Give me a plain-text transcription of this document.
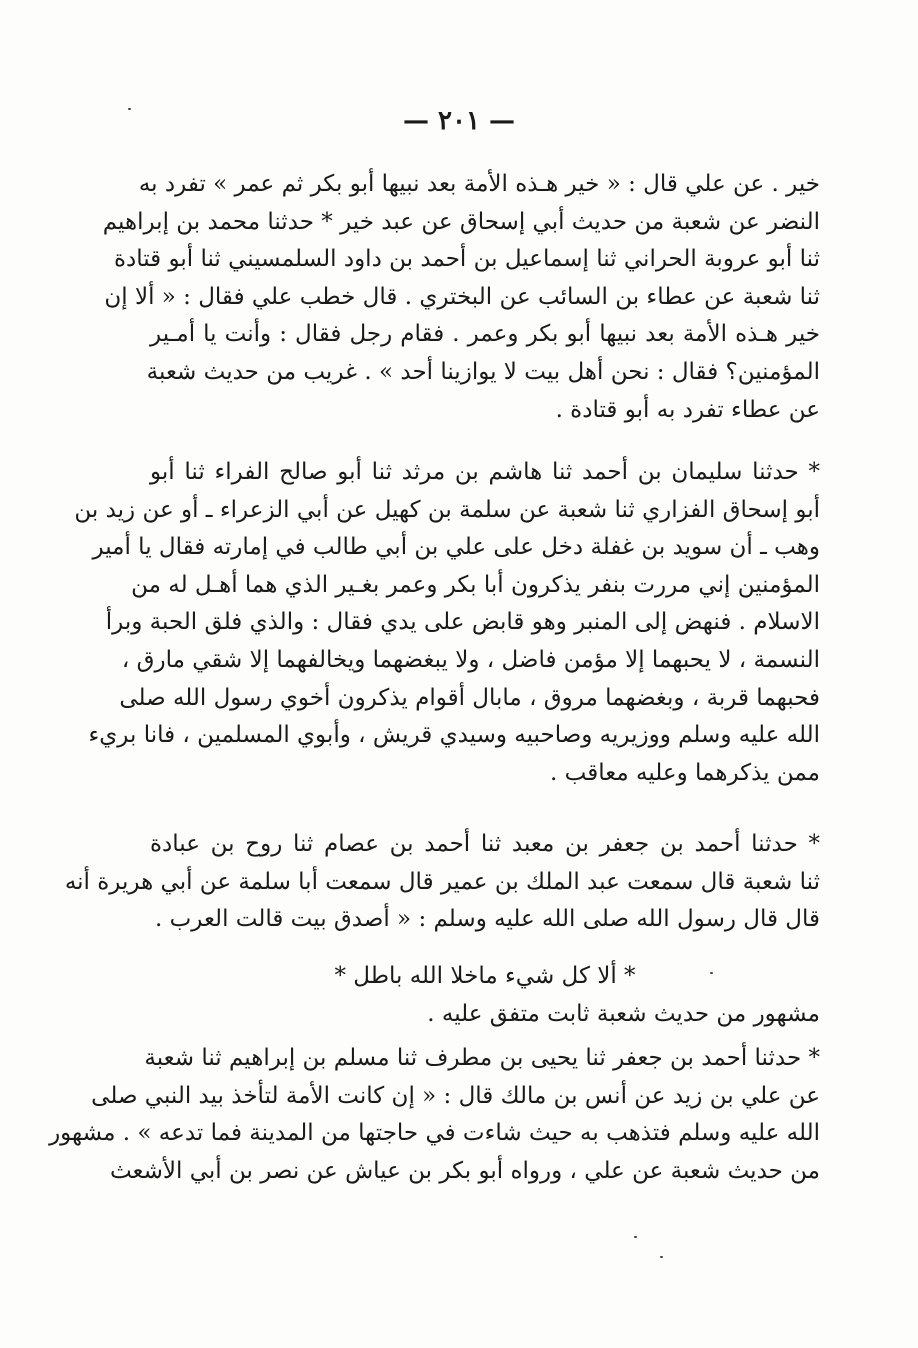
— ٢٠١ —
خير . عن علي قال : « خير هـذه الأمة بعد نبيها أبو بكر ثم عمر » تفرد به
النضر عن شعبة من حديث أبي إسحاق عن عبد خير * حدثنا محمد بن إبراهيم
ثنا أبو عروبة الحراني ثنا إسماعيل بن أحمد بن داود السلمسيني ثنا أبو قتادة
ثنا شعبة عن عطاء بن السائب عن البختري . قال خطب علي فقال : « ألا إن
خير هـذه الأمة بعد نبيها أبو بكر وعمر . فقام رجل فقال : وأنت يا أمـير
المؤمنين؟ فقال : نحن أهل بيت لا يوازينا أحد » . غريب من حديث شعبة
عن عطاء تفرد به أبو قتادة .
* حدثنا سليمان بن أحمد ثنا هاشم بن مرثد ثنا أبو صالح الفراء ثنا أبو
أبو إسحاق الفزاري ثنا شعبة عن سلمة بن كهيل عن أبي الزعراء ـ أو عن زيد بن
وهب ـ أن سويد بن غفلة دخل على علي بن أبي طالب في إمارته فقال يا أمير
المؤمنين إني مررت بنفر يذكرون أبا بكر وعمر بغـير الذي هما أهـل له من
الاسلام . فنهض إلى المنبر وهو قابض على يدي فقال : والذي فلق الحبة وبرأ
النسمة ، لا يحبهما إلا مؤمن فاضل ، ولا يبغضهما ويخالفهما إلا شقي مارق ،
فحبهما قربة ، وبغضهما مروق ، مابال أقوام يذكرون أخوي رسول الله صلى
الله عليه وسلم ووزيريه وصاحبيه وسيدي قريش ، وأبوي المسلمين ، فانا بريء
ممن يذكرهما وعليه معاقب .
* حدثنا أحمد بن جعفر بن معبد ثنا أحمد بن عصام ثنا روح بن عبادة
ثنا شعبة قال سمعت عبد الملك بن عمير قال سمعت أبا سلمة عن أبي هريرة أنه
قال قال رسول الله صلى الله عليه وسلم : « أصدق بيت قالت العرب .
* ألا كل شيء ماخلا الله باطل *
مشهور من حديث شعبة ثابت متفق عليه .
* حدثنا أحمد بن جعفر ثنا يحيى بن مطرف ثنا مسلم بن إبراهيم ثنا شعبة
عن علي بن زيد عن أنس بن مالك قال : « إن كانت الأمة لتأخذ بيد النبي صلى
الله عليه وسلم فتذهب به حيث شاءت في حاجتها من المدينة فما تدعه » . مشهور
من حديث شعبة عن علي ، ورواه أبو بكر بن عياش عن نصر بن أبي الأشعث
